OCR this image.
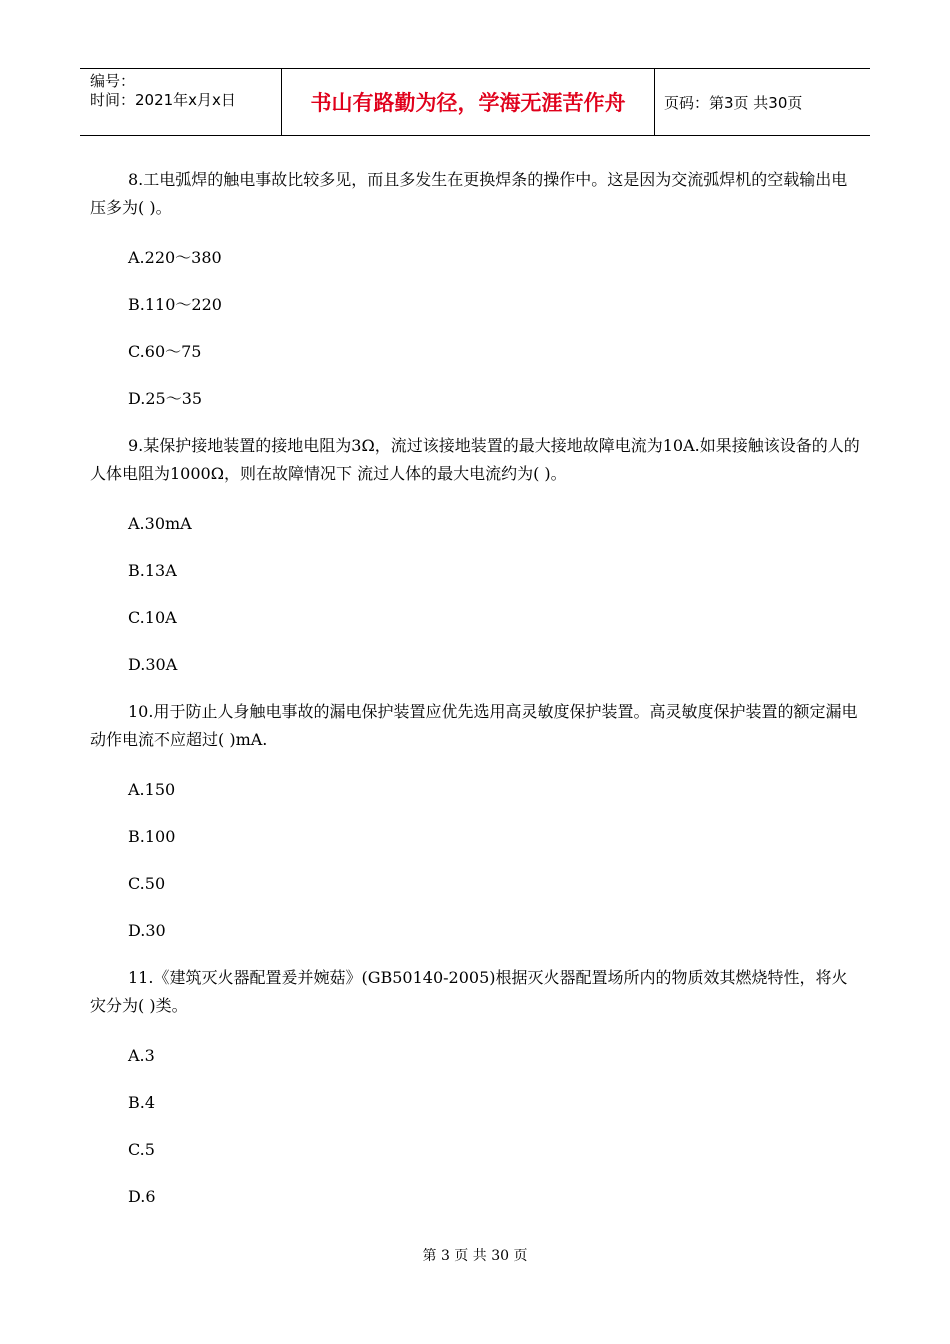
编号：
时间：2021年x月x日	书山有路勤为径，学海无涯苦作舟	页码：第3页 共30页

8.工电弧焊的触电事故比较多见，而且多发生在更换焊条的操作中。这是因为交流弧焊机的空载输出电压多为( )。

A.220～380

B.110～220

C.60～75

D.25～35

9.某保护接地装置的接地电阻为3Ω，流过该接地装置的最大接地故障电流为10A.如果接触该设备的人的人体电阻为1000Ω，则在故障情况下 流过人体的最大电流约为( )。

A.30mA

B.13A

C.10A

D.30A

10.用于防止人身触电事故的漏电保护装置应优先选用高灵敏度保护装置。高灵敏度保护装置的额定漏电动作电流不应超过( )mA.

A.150

B.100

C.50

D.30

11.《建筑灭火器配置爰并婉菇》(GB50140-2005)根据灭火器配置场所内的物质效其燃烧特性，将火灾分为( )类。

A.3

B.4

C.5

D.6

第 3 页 共 30 页
